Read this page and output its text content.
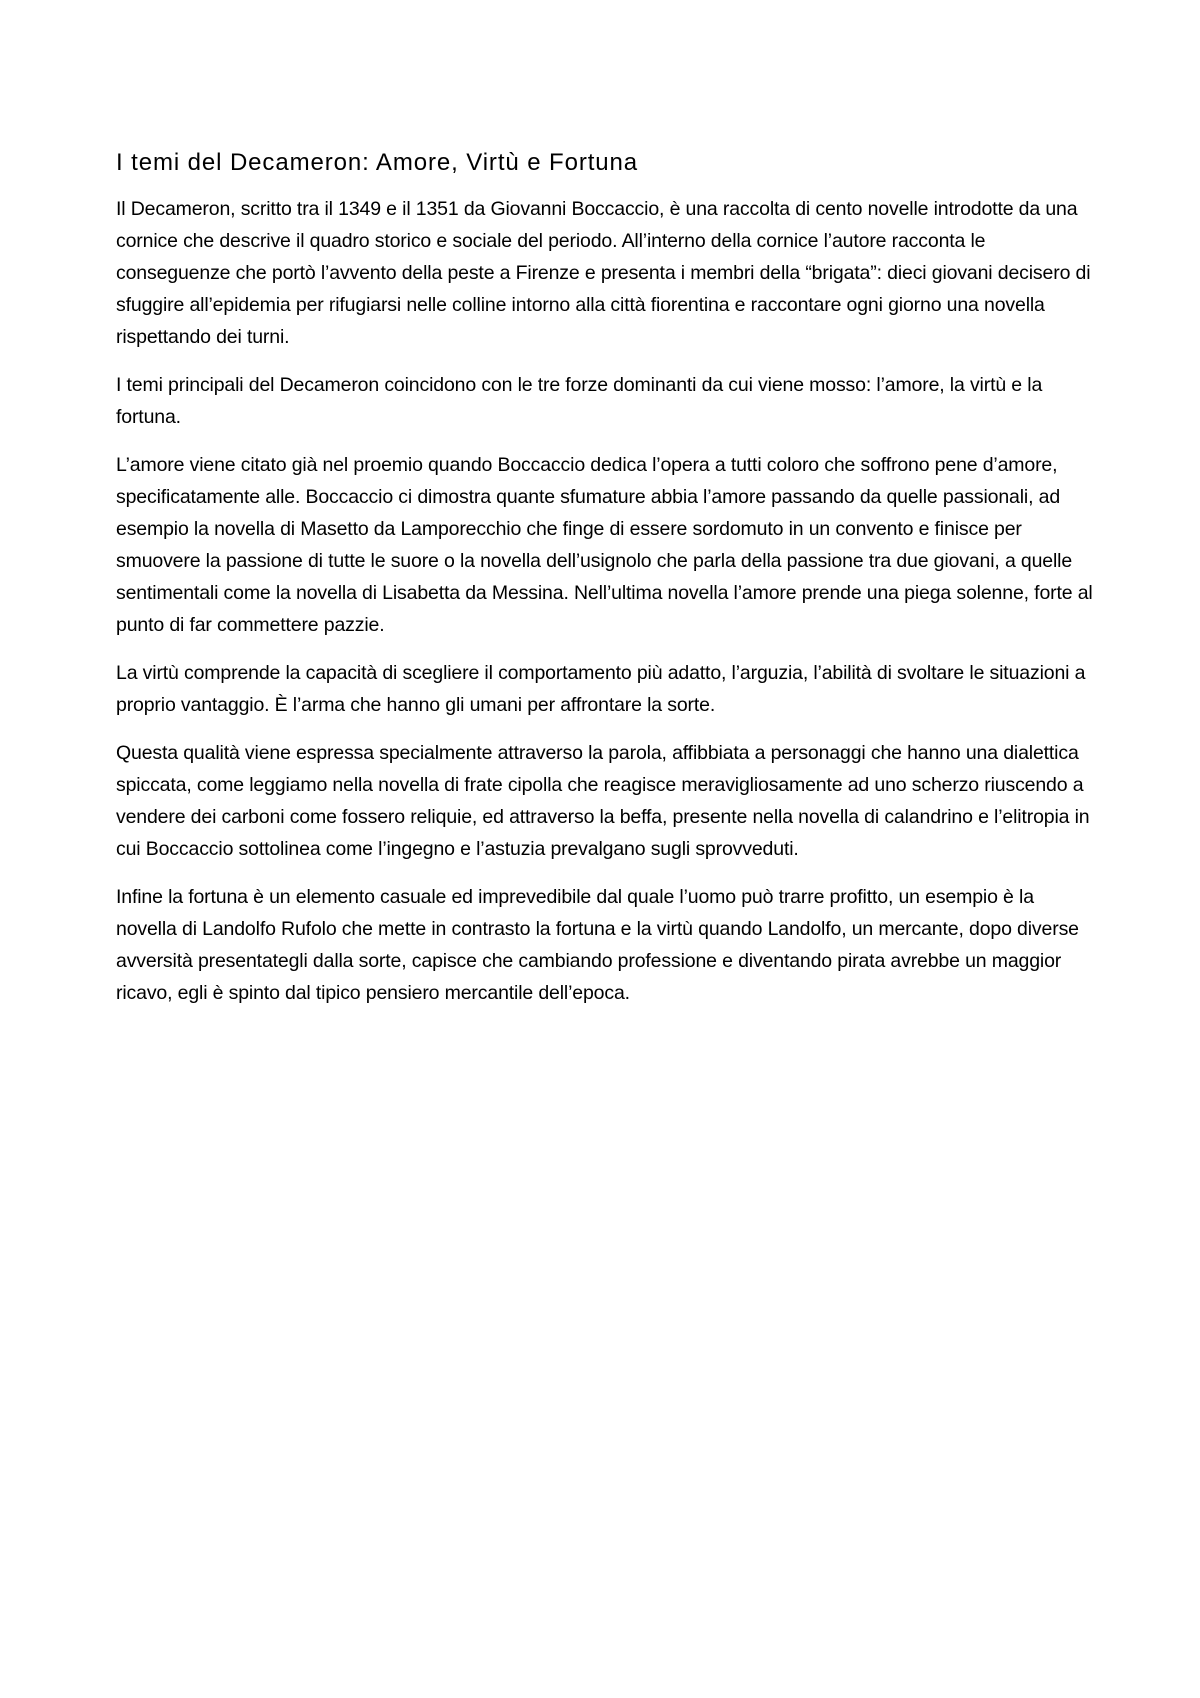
I temi del Decameron: Amore, Virtù e Fortuna

Il Decameron, scritto tra il 1349 e il 1351 da Giovanni Boccaccio, è una raccolta di cento novelle introdotte da una cornice che descrive il quadro storico e sociale del periodo. All’interno della cornice l’autore racconta le conseguenze che portò l’avvento della peste a Firenze e presenta i membri della “brigata”: dieci giovani decisero di sfuggire all’epidemia per rifugiarsi nelle colline intorno alla città fiorentina e raccontare ogni giorno una novella rispettando dei turni.

I temi principali del Decameron coincidono con le tre forze dominanti da cui viene mosso: l’amore, la virtù e la fortuna.

L’amore viene citato già nel proemio quando Boccaccio dedica l’opera a tutti coloro che soffrono pene d’amore, specificatamente alle. Boccaccio ci dimostra quante sfumature abbia l’amore passando da quelle passionali, ad esempio la novella di Masetto da Lamporecchio che finge di essere sordomuto in un convento e finisce per smuovere la passione di tutte le suore o la novella dell’usignolo che parla della passione tra due giovani, a quelle sentimentali come la novella di Lisabetta da Messina. Nell’ultima novella l’amore prende una piega solenne, forte al punto di far commettere pazzie.

La virtù comprende la capacità di scegliere il comportamento più adatto, l’arguzia, l’abilità di svoltare le situazioni a proprio vantaggio. È l’arma che hanno gli umani per affrontare la sorte.

Questa qualità viene espressa specialmente attraverso la parola, affibbiata a personaggi che hanno una dialettica spiccata, come leggiamo nella novella di frate cipolla che reagisce meravigliosamente ad uno scherzo riuscendo a vendere dei carboni come fossero reliquie, ed attraverso la beffa, presente nella novella di calandrino e l’elitropia in cui Boccaccio sottolinea come l’ingegno e l’astuzia prevalgano sugli sprovveduti.

Infine la fortuna è un elemento casuale ed imprevedibile dal quale l’uomo può trarre profitto, un esempio è la novella di Landolfo Rufolo che mette in contrasto la fortuna e la virtù quando Landolfo, un mercante, dopo diverse avversità presentategli dalla sorte, capisce che cambiando professione e diventando pirata avrebbe un maggior ricavo, egli è spinto dal tipico pensiero mercantile dell’epoca.
